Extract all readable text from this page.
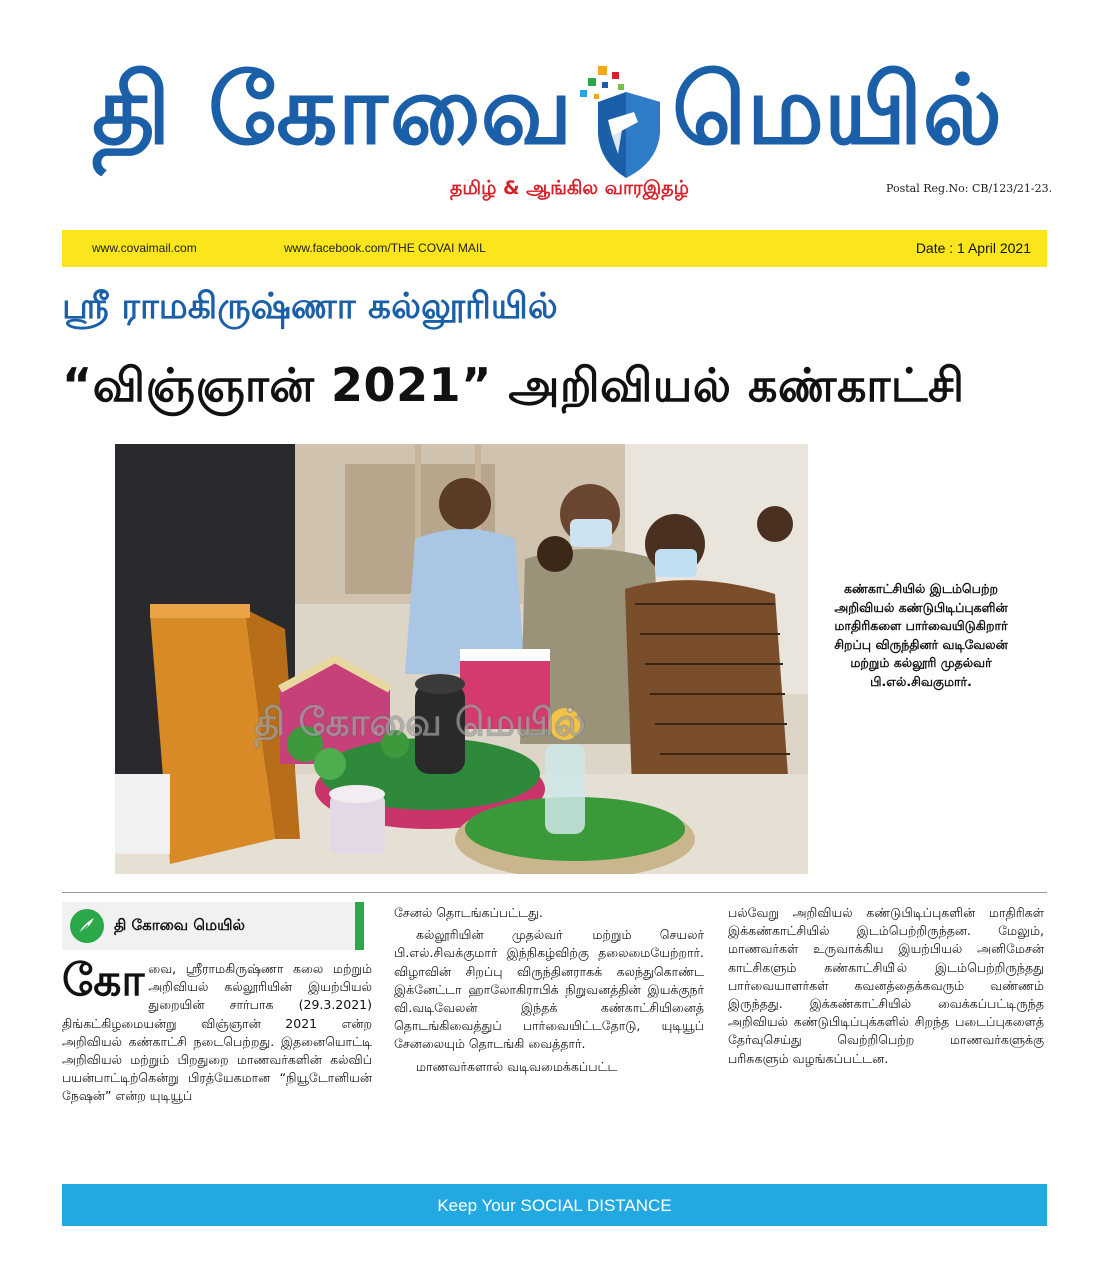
தி கோவை மெயில்
தமிழ் & ஆங்கில வாரஇதழ்	Postal Reg.No: CB/123/21-23.
www.covaimail.com	www.facebook.com/THE COVAI MAIL	Date : 1 April 2021
ஸ்ரீ ராமகிருஷ்ணா கல்லூரியில்
“விஞ்ஞான் 2021” அறிவியல் கண்காட்சி
தி கோவை மெயில்
கண்காட்சியில் இடம்பெற்ற அறிவியல் கண்டுபிடிப்புகளின் மாதிரிகளை பார்வையிடுகிறார் சிறப்பு விருந்தினர் வடிவேலன் மற்றும் கல்லூரி முதல்வர் பி.எல்.சிவகுமார்.
தி கோவை மெயில்
கோ வை, ஸ்ரீராமகிருஷ்ணா கலை மற்றும் அறிவியல் கல்லூரியின் இயற்பியல் துறையின் சார்பாக (29.3.2021) திங்கட்கிழமையன்று விஞ்ஞான் 2021 என்ற அறிவியல் கண்காட்சி நடைபெற்றது. இதனையொட்டி அறிவியல் மற்றும் பிறதுறை மாணவர்களின் கல்விப் பயன்பாட்டிற்கென்று பிரத்யேகமான “நியூடோனியன் நேஷன்” என்ற யுடியூப்
சேனல் தொடங்கப்பட்டது.
கல்லூரியின் முதல்வா் மற்றும் செயலர் பி.எல்.சிவக்குமார் இந்நிகழ்விற்கு தலைமையேற்றார். விழாவின் சிறப்பு விருந்தினராகக் கலந்துகொண்ட இக்னேட்டா ஹாலோகிராபிக் நிறுவனத்தின் இயக்குநர் வி.வடிவேலன் இந்தக் கண்காட்சியினைத் தொடங்கிவைத்துப் பார்வையிட்டதோடு, யுடியூப் சேனலையும் தொடங்கி வைத்தார்.
மாணவர்களால் வடிவமைக்கப்பட்ட
பல்வேறு அறிவியல் கண்டுபிடிப்புகளின் மாதிரிகள் இக்கண்காட்சியில் இடம்பெற்றிருந்தன. மேலும், மாணவர்கள் உருவாக்கிய இயற்பியல் அனிமேசன் காட்சிகளும் கண்காட்சியி்ல் இடம்பெற்றிருந்தது பார்வையாளர்கள் கவனத்தைக்கவரும் வண்ணம் இருந்தது. இக்கண்காட்சியில் வைக்கப்பட்டிருந்த அறிவியல் கண்டுபிடிப்புக்களில் சிறந்த படைப்புகளைத் தேர்வுசெய்து வெற்றிபெற்ற மாணவர்களுக்கு பரிசுகளும் வழங்கப்பட்டன.
Keep Your SOCIAL DISTANCE
